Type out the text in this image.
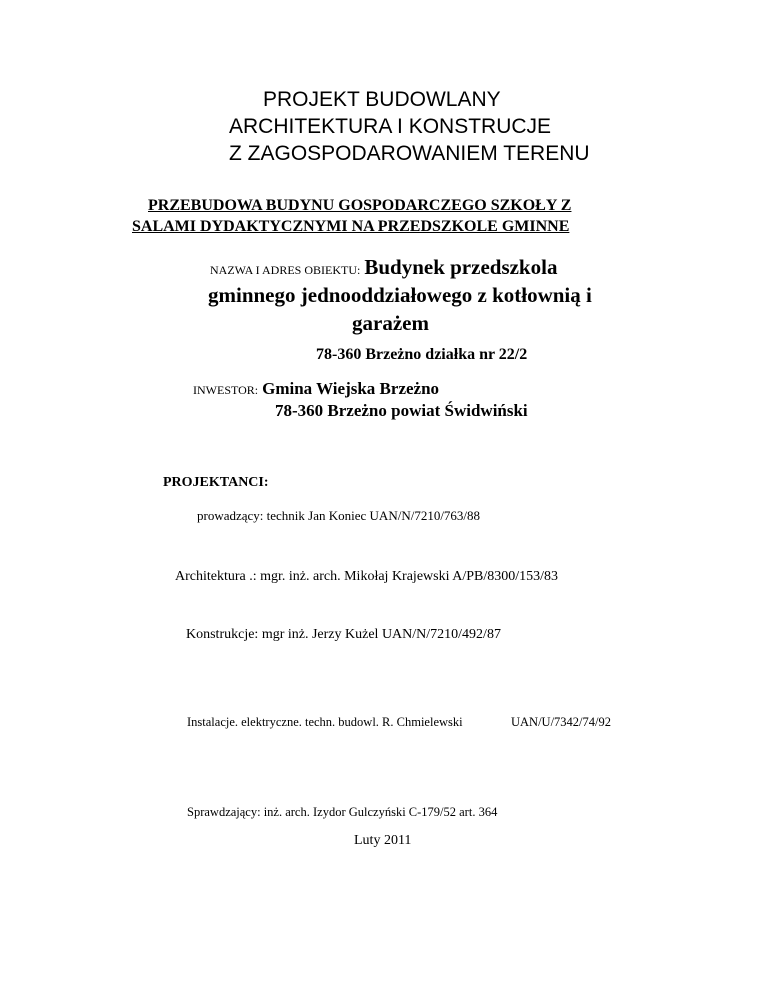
PROJEKT BUDOWLANY
ARCHITEKTURA I KONSTRUCJE
Z ZAGOSPODAROWANIEM TERENU
PRZEBUDOWA BUDYNU GOSPODARCZEGO SZKOŁY Z
SALAMI DYDAKTYCZNYMI NA PRZEDSZKOLE GMINNE
NAZWA I ADRES OBIEKTU: Budynek przedszkola
gminnego jednooddziałowego z kotłownią i
garażem
78-360 Brzeżno działka nr 22/2
INWESTOR: Gmina Wiejska Brzeżno
78-360 Brzeżno powiat Świdwiński
PROJEKTANCI:
prowadzący: technik Jan Koniec UAN/N/7210/763/88
Architektura .: mgr. inż. arch. Mikołaj Krajewski A/PB/8300/153/83
Konstrukcje: mgr inż. Jerzy Kużel UAN/N/7210/492/87
Instalacje. elektryczne. techn. budowl. R. Chmielewski	UAN/U/7342/74/92
Sprawdzający: inż. arch. Izydor Gulczyński C-179/52 art. 364
Luty 2011
